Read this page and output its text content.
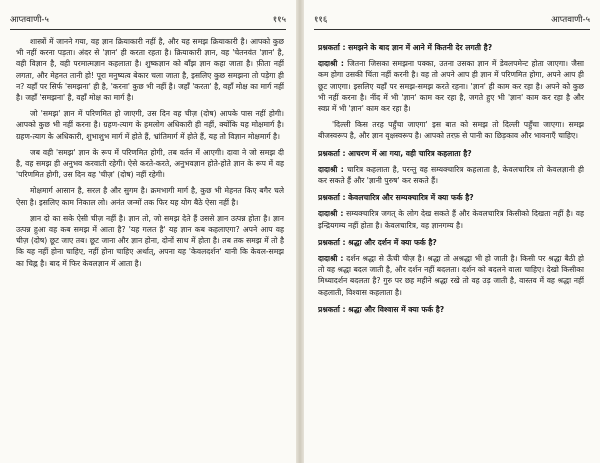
आप्तवाणी-५	११५

शास्त्रों में जानने गया, वह ज्ञान क्रियाकारी नहीं है, और यह समझ क्रियाकारी है। आपको कुछ भी नहीं करना पड़ता। अंदर से 'ज्ञान' ही करता रहता है। क्रियाकारी ज्ञान, वह 'चेतनवंत 'ज्ञान' है, वही विज्ञान है, वही परमात्मज्ञान कहलाता है। शुष्कज्ञान को बाँझ ज्ञान कहा जाता है। फ़ीता नहीं लगता, और मेहनत तानी हो! पूरा मनुष्यत्व बेकार चला जाता है, इसलिए कुछ समझना तो पड़ेगा ही न? यहाँ पर सिर्फ 'समझना' ही है, 'करना' कुछ भी नहीं है। जहाँ 'करता' है, वहाँ मोक्ष का मार्ग नहीं है। जहाँ 'समझना' है, वहाँ मोक्ष का मार्ग है।

जो 'समझ' ज्ञान में परिणमित हो जाएगी, उस दिन वह चीज़ (दोष) आपके पास नहीं होगी। आपको कुछ भी नहीं करना है। ग्रहण-त्याग के हमलोग अधिकारी ही नहीं, क्योंकि यह मोक्षमार्ग है। ग्रहण-त्याग के अधिकारी, शुभाशुभ मार्ग में होते हैं, भ्रांतिमार्ग में होते हैं, यह तो विज्ञान मोक्षमार्ग है।

जब वही 'समझ' ज्ञान के रूप में परिणमित होगी, तब वर्तन में आएगी। दावा ने जो समझ दी है, वह समझ ही अनुभव करवाती रहेगी। ऐसे करते-करते, अनुभवज्ञान होते-होते ज्ञान के रूप में वह 'परिणमित होगी, उस दिन वह 'चीज़' (दोष) नहीं रहेगी।

मोक्षमार्ग आसान है, सरल है और सुगम है। क्रमभागी मार्ग है, कुछ भी मेहनत किए बगैर चले ऐसा है। इसलिए काम निकाल लो। अनंत जन्मों तक फिर यह योग बैठे ऐसा नहीं है।

ज्ञान दो का सके ऐसी चीज़ नहीं है। ज्ञान तो, जो समझ देते हैं उससे ज्ञान उत्पन्न होता है। ज्ञान उत्पन्न हुआ वह कब समझ में आता है? 'यह गलत है' यह ज्ञान कब कहलाएगा? अपने आप वह चीज़ (दोष) छूट जाए तब। छूट जाना और ज्ञान होना, दोनों साथ में होता है। तब तक समझ में तो है कि यह नहीं होना चाहिए, नहीं होना चाहिए अर्थात्, अपना यह 'केवलदर्शन' यानी कि केवल-समझ का चिह्न है। बाद में फिर केवलज्ञान में आता है।

११६	आप्तवाणी-५

प्रश्नकर्ता : समझने के बाद ज्ञान में आने में कितनी देर लगती है?

दादाश्री : जितना जिसका समझना पक्का, उतना उसका ज्ञान में डेवलपमेन्ट होता जाएगा। जैसा कम होगा उसकी चिंता नहीं करनी है। वह तो अपने आप ही ज्ञान में परिणमित होगा, अपने आप ही छूट जाएगा। इसलिए यहाँ पर समझ-समझ करते रहना। 'ज्ञान' ही काम कर रहा है। अपने को कुछ भी नहीं करना है। नींद में भी 'ज्ञान' काम कर रहा है, जगते हुए भी 'ज्ञान' काम कर रहा है और स्वप्न में भी 'ज्ञान' काम कर रहा है।

'दिल्ली किस तरह पहुँचा जाएगा' इस बात को समझ तो दिल्ली पहुँचा जाएगा। समझ बीजस्वरूप है, और ज्ञान वृक्षस्वरूप है। आपको तरफ़ से पानी का छिड़काव और भावनाएँ चाहिए।

प्रश्नकर्ता : आचरण में आ गया, वही चारित्र कहलाता है?

दादाश्री : चारित्र कहलाता है, परन्तु वह सम्यक्चारित्र कहलाता है, केवलचारित्र तो केवलज्ञानी ही कर सकते हैं और 'ज्ञानी पुरुष' कर सकते हैं।

प्रश्नकर्ता : केवलचारित्र और सम्यक्चारित्र में क्या फर्क है?

दादाश्री : सम्यक्चारित्र जगत् के लोग देख सकते हैं और केवलचारित्र किसीको दिखता नहीं है। वह इन्द्रियगम्य नहीं होता है। केवलचारित्र, वह ज्ञानगम्य है।

प्रश्नकर्ता : श्रद्धा और दर्शन में क्या फर्क है?

दादाश्री : दर्शन श्रद्धा से ऊँची चीज़ है। श्रद्धा तो अश्रद्धा भी हो जाती है। किसी पर श्रद्धा बैठी हो तो वह श्रद्धा बदल जाती है, और दर्शन नहीं बदलता। दर्शन को बदलने वाला चाहिए। देखो किसीका मिथ्यादर्शन बदलता है? गुरु पर छह महीने श्रद्धा रखे तो वह उड़ जाती है, वास्तव में वह श्रद्धा नहीं कहलाती, विश्वास कहलाता है।

प्रश्नकर्ता : श्रद्धा और विश्वास में क्या फर्क है?
